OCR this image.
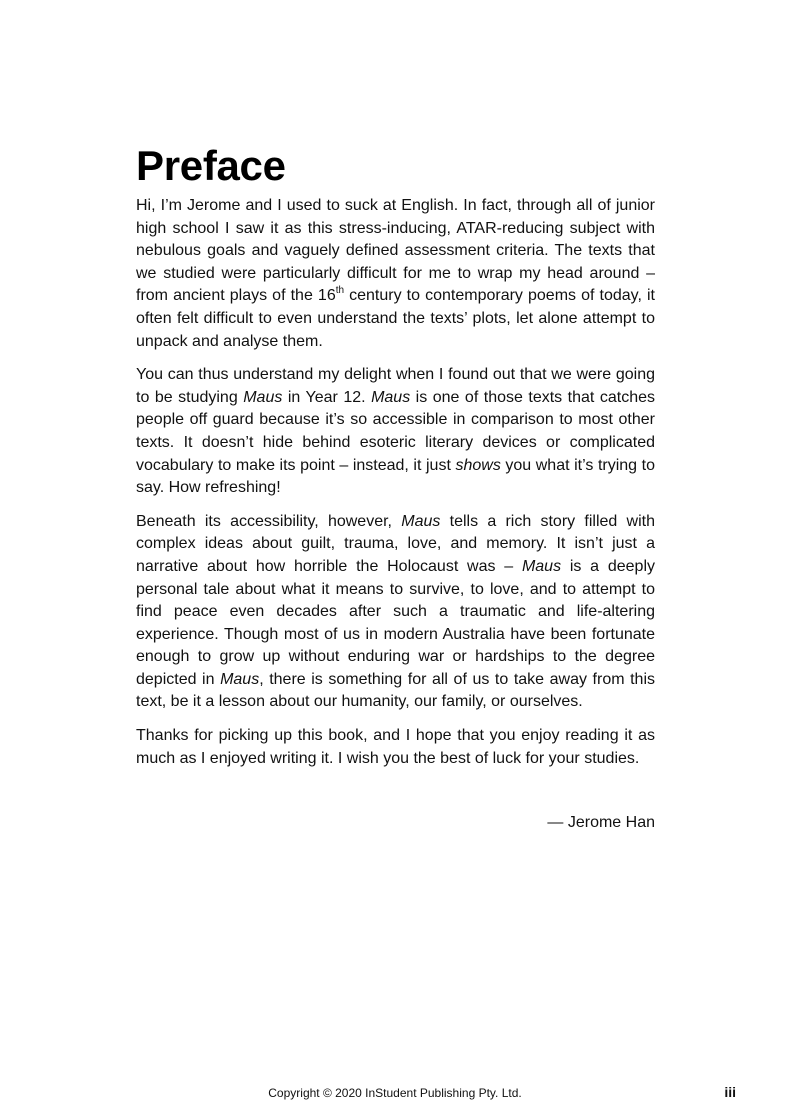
Preface

Hi, I’m Jerome and I used to suck at English. In fact, through all of junior high school I saw it as this stress-inducing, ATAR-reducing subject with nebulous goals and vaguely defined assessment criteria. The texts that we studied were particularly difficult for me to wrap my head around – from ancient plays of the 16th century to contemporary poems of today, it often felt difficult to even understand the texts’ plots, let alone attempt to unpack and analyse them.

You can thus understand my delight when I found out that we were going to be studying Maus in Year 12. Maus is one of those texts that catches people off guard because it’s so accessible in comparison to most other texts. It doesn’t hide behind esoteric literary devices or complicated vocabulary to make its point – instead, it just shows you what it’s trying to say. How refreshing!

Beneath its accessibility, however, Maus tells a rich story filled with complex ideas about guilt, trauma, love, and memory. It isn’t just a narrative about how horrible the Holocaust was – Maus is a deeply personal tale about what it means to survive, to love, and to attempt to find peace even decades after such a traumatic and life-altering experience. Though most of us in modern Australia have been fortunate enough to grow up without enduring war or hardships to the degree depicted in Maus, there is something for all of us to take away from this text, be it a lesson about our humanity, our family, or ourselves.

Thanks for picking up this book, and I hope that you enjoy reading it as much as I enjoyed writing it. I wish you the best of luck for your studies.

— Jerome Han
Copyright © 2020 InStudent Publishing Pty. Ltd.	iii
